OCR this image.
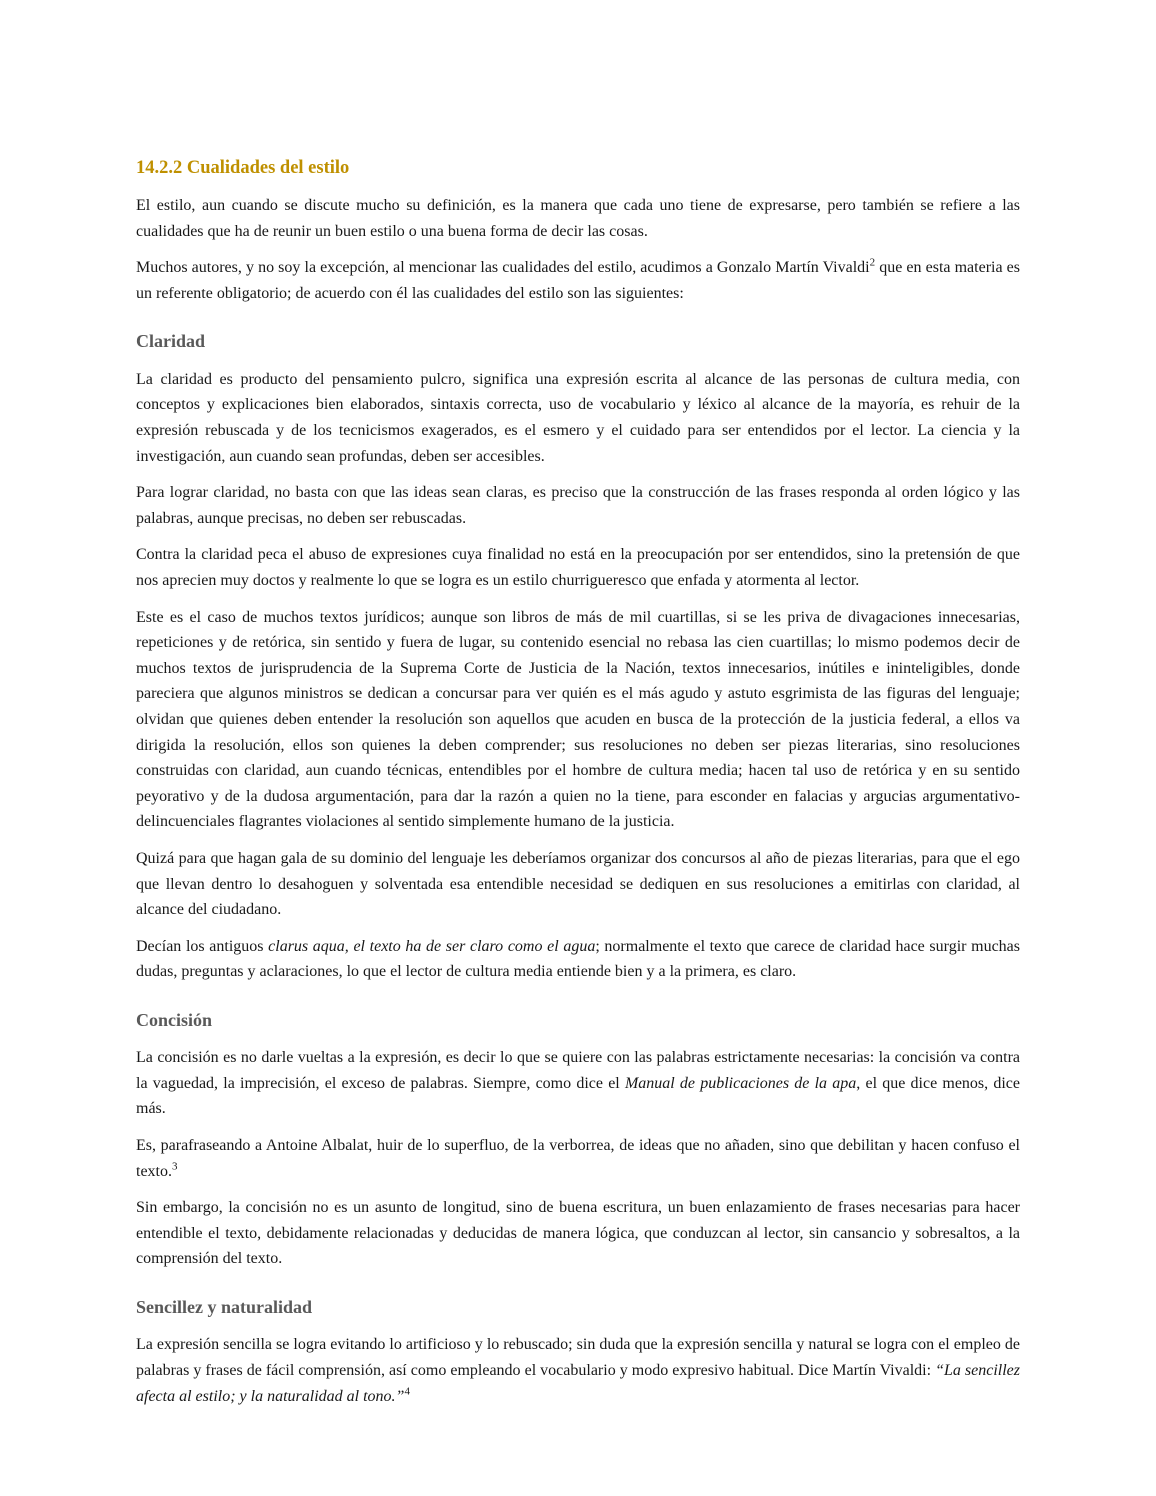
14.2.2 Cualidades del estilo

El estilo, aun cuando se discute mucho su definición, es la manera que cada uno tiene de expresarse, pero también se refiere a las cualidades que ha de reunir un buen estilo o una buena forma de decir las cosas.

Muchos autores, y no soy la excepción, al mencionar las cualidades del estilo, acudimos a Gonzalo Martín Vivaldi$^2$ que en esta materia es un referente obligatorio; de acuerdo con él las cualidades del estilo son las siguientes:

Claridad

La claridad es producto del pensamiento pulcro, significa una expresión escrita al alcance de las personas de cultura media, con conceptos y explicaciones bien elaborados, sintaxis correcta, uso de vocabulario y léxico al alcance de la mayoría, es rehuir de la expresión rebuscada y de los tecnicismos exagerados, es el esmero y el cuidado para ser entendidos por el lector. La ciencia y la investigación, aun cuando sean profundas, deben ser accesibles.

Para lograr claridad, no basta con que las ideas sean claras, es preciso que la construcción de las frases responda al orden lógico y las palabras, aunque precisas, no deben ser rebuscadas.

Contra la claridad peca el abuso de expresiones cuya finalidad no está en la preocupación por ser entendidos, sino la pretensión de que nos aprecien muy doctos y realmente lo que se logra es un estilo churrigueresco que enfada y atormenta al lector.

Este es el caso de muchos textos jurídicos; aunque son libros de más de mil cuartillas, si se les priva de divagaciones innecesarias, repeticiones y de retórica, sin sentido y fuera de lugar, su contenido esencial no rebasa las cien cuartillas; lo mismo podemos decir de muchos textos de jurisprudencia de la Suprema Corte de Justicia de la Nación, textos innecesarios, inútiles e ininteligibles, donde pareciera que algunos ministros se dedican a concursar para ver quién es el más agudo y astuto esgrimista de las figuras del lenguaje; olvidan que quienes deben entender la resolución son aquellos que acuden en busca de la protección de la justicia federal, a ellos va dirigida la resolución, ellos son quienes la deben comprender; sus resoluciones no deben ser piezas literarias, sino resoluciones construidas con claridad, aun cuando técnicas, entendibles por el hombre de cultura media; hacen tal uso de retórica y en su sentido peyorativo y de la dudosa argumentación, para dar la razón a quien no la tiene, para esconder en falacias y argucias argumentativo-delincuenciales flagrantes violaciones al sentido simplemente humano de la justicia.

Quizá para que hagan gala de su dominio del lenguaje les deberíamos organizar dos concursos al año de piezas literarias, para que el ego que llevan dentro lo desahoguen y solventada esa entendible necesidad se dediquen en sus resoluciones a emitirlas con claridad, al alcance del ciudadano.

Decían los antiguos clarus aqua, el texto ha de ser claro como el agua; normalmente el texto que carece de claridad hace surgir muchas dudas, preguntas y aclaraciones, lo que el lector de cultura media entiende bien y a la primera, es claro.

Concisión

La concisión es no darle vueltas a la expresión, es decir lo que se quiere con las palabras estrictamente necesarias: la concisión va contra la vaguedad, la imprecisión, el exceso de palabras. Siempre, como dice el Manual de publicaciones de la apa, el que dice menos, dice más.

Es, parafraseando a Antoine Albalat, huir de lo superfluo, de la verborrea, de ideas que no añaden, sino que debilitan y hacen confuso el texto.$^3$

Sin embargo, la concisión no es un asunto de longitud, sino de buena escritura, un buen enlazamiento de frases necesarias para hacer entendible el texto, debidamente relacionadas y deducidas de manera lógica, que conduzcan al lector, sin cansancio y sobresaltos, a la comprensión del texto.

Sencillez y naturalidad

La expresión sencilla se logra evitando lo artificioso y lo rebuscado; sin duda que la expresión sencilla y natural se logra con el empleo de palabras y frases de fácil comprensión, así como empleando el vocabulario y modo expresivo habitual. Dice Martín Vivaldi: “La sencillez afecta al estilo; y la naturalidad al tono.”$^4$
